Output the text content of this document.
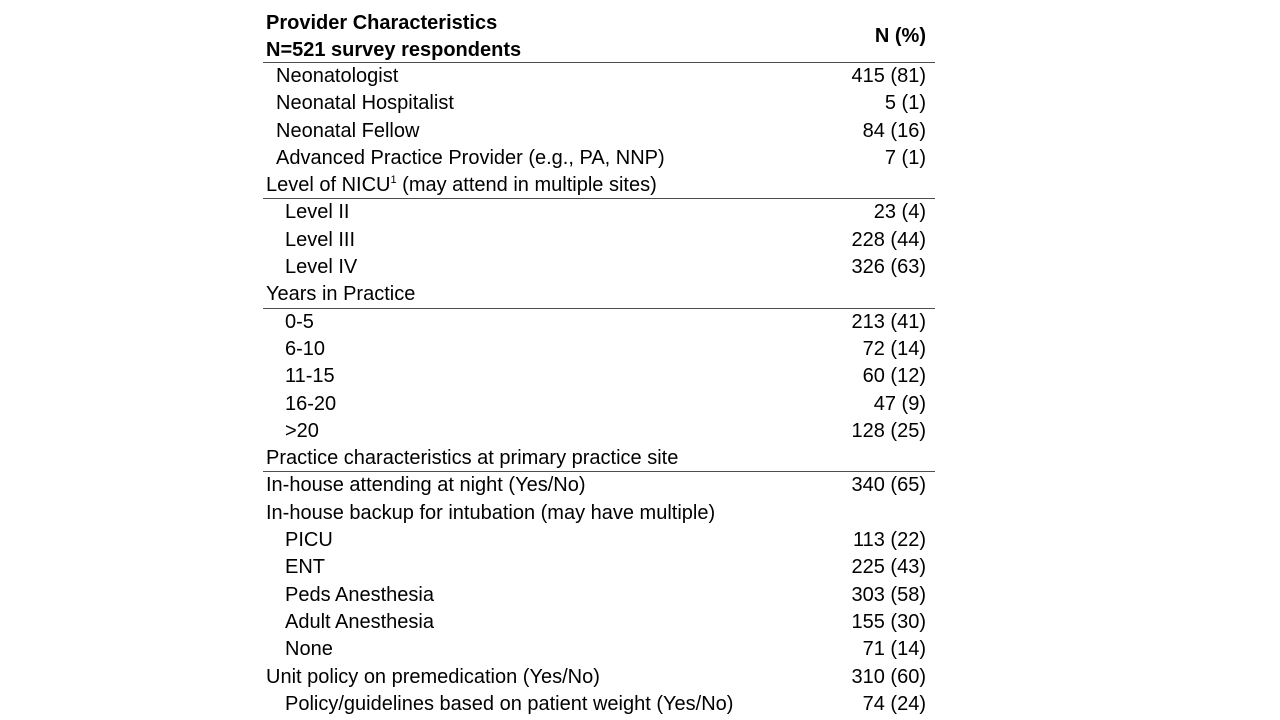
Provider Characteristics
N=521 survey respondents
N (%)
Neonatologist	415 (81)
Neonatal Hospitalist	5 (1)
Neonatal Fellow	84 (16)
Advanced Practice Provider (e.g., PA, NNP)	7 (1)
Level of NICU$^1$ (may attend in multiple sites)
Level II	23 (4)
Level III	228 (44)
Level IV	326 (63)
Years in Practice
0-5	213 (41)
6-10	72 (14)
11-15	60 (12)
16-20	47 (9)
>20	128 (25)
Practice characteristics at primary practice site
In-house attending at night (Yes/No)	340 (65)
In-house backup for intubation (may have multiple)
PICU	113 (22)
ENT	225 (43)
Peds Anesthesia	303 (58)
Adult Anesthesia	155 (30)
None	71 (14)
Unit policy on premedication (Yes/No)	310 (60)
Policy/guidelines based on patient weight (Yes/No)	74 (24)
